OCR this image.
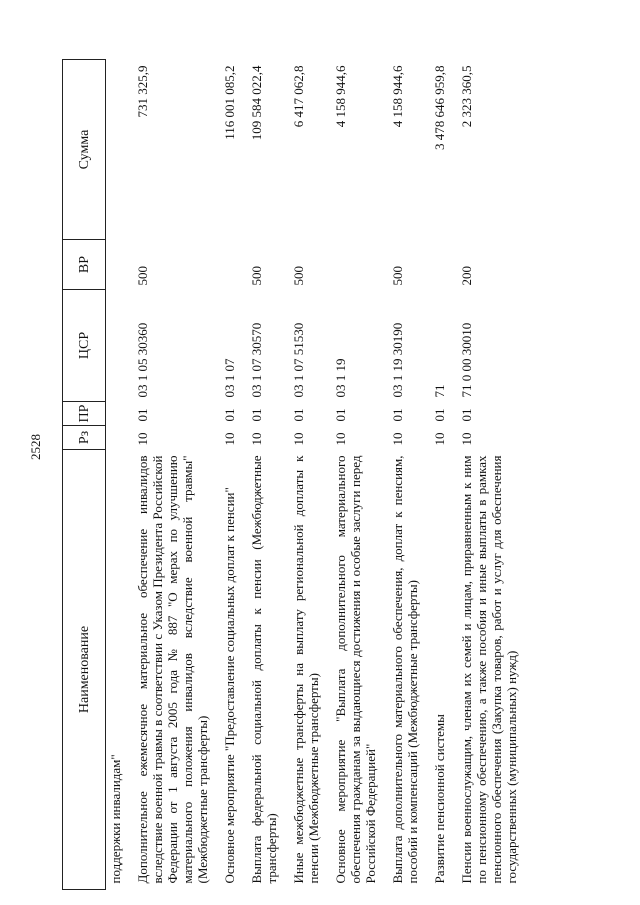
2528
Наименование	Рз	ПР	ЦСР	ВР	Сумма
поддержки инвалидам"					
Дополнительное ежемесячное материальное обеспечение инвалидов вследствие военной травмы в соответствии с Указом Президента Российской Федерации от 1 августа 2005 года № 887 "О мерах по улучшению материального положения инвалидов вследствие военной травмы" (Межбюджетные трансферты)	10	01	03 1 05 30360	500	731 325,9
Основное мероприятие "Предоставление социальных доплат к пенсии"	10	01	03 1 07		116 001 085,2
Выплата федеральной социальной доплаты к пенсии (Межбюджетные трансферты)	10	01	03 1 07 30570	500	109 584 022,4
Иные межбюджетные трансферты на выплату региональной доплаты к пенсии (Межбюджетные трансферты)	10	01	03 1 07 51530	500	6 417 062,8
Основное мероприятие "Выплата дополнительного материального обеспечения гражданам за выдающиеся достижения и особые заслуги перед Российской Федерацией"	10	01	03 1 19		4 158 944,6
Выплата дополнительного материального обеспечения, доплат к пенсиям, пособий и компенсаций (Межбюджетные трансферты)	10	01	03 1 19 30190	500	4 158 944,6
Развитие пенсионной системы	10	01	71		3 478 646 959,8
Пенсии военнослужащим, членам их семей и лицам, приравненным к ним по пенсионному обеспечению, а также пособия и иные выплаты в рамках пенсионного обеспечения (Закупка товаров, работ и услуг для обеспечения государственных (муниципальных) нужд)	10	01	71 0 00 30010	200	2 323 360,5
